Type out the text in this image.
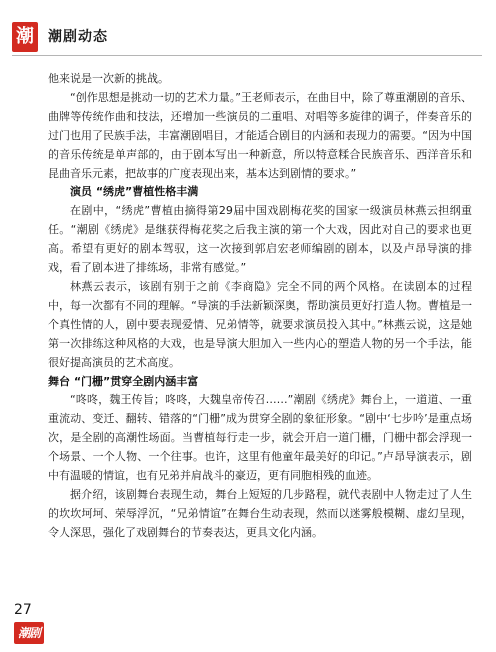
潮 潮剧动态

他来说是一次新的挑战。

“创作思想是挑动一切的艺术力量。”王老师表示，在曲目中，除了尊重潮剧的音乐、曲牌等传统作曲和技法，还增加一些演员的二重唱、对唱等多旋律的调子，伴奏音乐的过门也用了民族手法，丰富潮剧唱目，才能适合剧目的内涵和表现力的需要。“因为中国的音乐传统是单声部的，由于剧本写出一种新意，所以特意糅合民族音乐、西洋音乐和昆曲音乐元素，把故事的广度表现出来，基本达到剧情的要求。”

演员 “绣虎”曹植性格丰满

在剧中，“绣虎”曹植由摘得第29届中国戏剧梅花奖的国家一级演员林燕云担纲重任。“潮剧《绣虎》是继获得梅花奖之后我主演的第一个大戏，因此对自己的要求也更高。希望有更好的剧本驾驭，这一次接到郭启宏老师编剧的剧本，以及卢昂导演的排戏，看了剧本进了排练场，非常有感觉。”

林燕云表示，该剧有别于之前《李商隐》完全不同的两个风格。在读剧本的过程中，每一次都有不同的理解。“导演的手法新颖深奥，帮助演员更好打造人物。曹植是一个真性情的人，剧中要表现爱情、兄弟情等，就要求演员投入其中。”林燕云说，这是她第一次排练这种风格的大戏，也是导演大胆加入一些内心的塑造人物的另一个手法，能很好提高演员的艺术高度。

舞台 “门栅”贯穿全剧内涵丰富

“咚咚，魏王传旨；咚咚，大魏皇帝传召……”潮剧《绣虎》舞台上，一道道、一重重流动、变迁、翻转、错落的“门栅”成为贯穿全剧的象征形象。“剧中‘七步吟’是重点场次，是全剧的高潮性场面。当曹植每行走一步，就会开启一道门栅，门栅中都会浮现一个场景、一个人物、一个往事。也许，这里有他童年最美好的印记。”卢昂导演表示，剧中有温暖的情谊，也有兄弟并肩战斗的豪迈，更有同胞相残的血迹。

据介绍，该剧舞台表现生动，舞台上短短的几步路程，就代表剧中人物走过了人生的坎坎坷坷、荣辱浮沉，“兄弟情谊”在舞台生动表现，然而以迷雾般模糊、虚幻呈现，令人深思，强化了戏剧舞台的节奏表达，更具文化内涵。

27
潮剧
